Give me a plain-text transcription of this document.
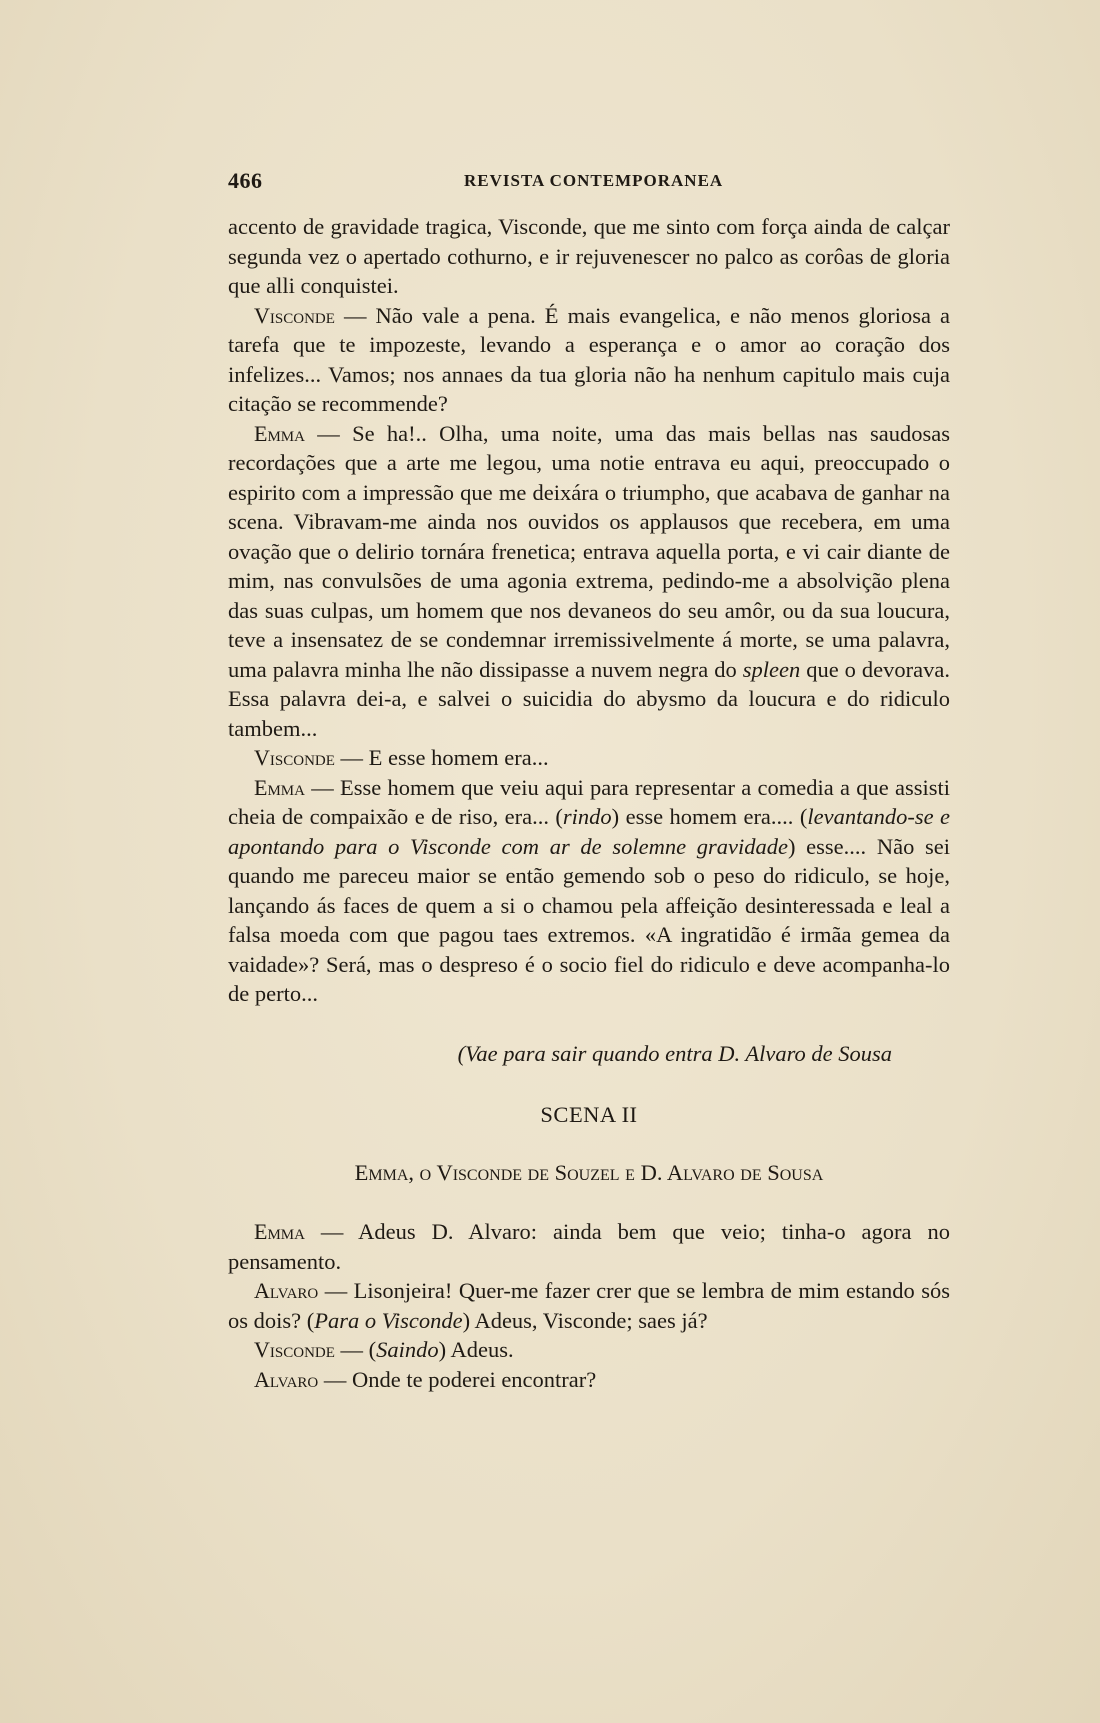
466	REVISTA CONTEMPORANEA

accento de gravidade tragica, Visconde, que me sinto com força ainda de calçar segunda vez o apertado cothurno, e ir rejuvenescer no palco as corôas de gloria que alli conquistei.

Visconde — Não vale a pena. É mais evangelica, e não menos gloriosa a tarefa que te impozeste, levando a esperança e o amor ao coração dos infelizes... Vamos; nos annaes da tua gloria não ha nenhum capitulo mais cuja citação se recommende?

Emma — Se ha!.. Olha, uma noite, uma das mais bellas nas saudosas recordações que a arte me legou, uma notie entrava eu aqui, preoccupado o espirito com a impressão que me deixára o triumpho, que acabava de ganhar na scena. Vibravam-me ainda nos ouvidos os applausos que recebera, em uma ovação que o delirio tornára frenetica; entrava aquella porta, e vi cair diante de mim, nas convulsões de uma agonia extrema, pedindo-me a absolvição plena das suas culpas, um homem que nos devaneos do seu amôr, ou da sua loucura, teve a insensatez de se condemnar irremissivelmente á morte, se uma palavra, uma palavra minha lhe não dissipasse a nuvem negra do spleen que o devorava. Essa palavra dei-a, e salvei o suicidia do abysmo da loucura e do ridiculo tambem...

Visconde — E esse homem era...

Emma — Esse homem que veiu aqui para representar a comedia a que assisti cheia de compaixão e de riso, era... (rindo) esse homem era.... (levantando-se e apontando para o Visconde com ar de solemne gravidade) esse.... Não sei quando me pareceu maior se então gemendo sob o peso do ridiculo, se hoje, lançando ás faces de quem a si o chamou pela affeição desinteressada e leal a falsa moeda com que pagou taes extremos. «A ingratidão é irmãa gemea da vaidade»? Será, mas o despreso é o socio fiel do ridiculo e deve acompanha-lo de perto...

(Vae para sair quando entra D. Alvaro de Sousa

SCENA II

Emma, o Visconde de Souzel e D. Alvaro de Sousa

Emma — Adeus D. Alvaro: ainda bem que veio; tinha-o agora no pensamento.

Alvaro — Lisonjeira! Quer-me fazer crer que se lembra de mim estando sós os dois? (Para o Visconde) Adeus, Visconde; saes já?

Visconde — (Saindo) Adeus.

Alvaro — Onde te poderei encontrar?
